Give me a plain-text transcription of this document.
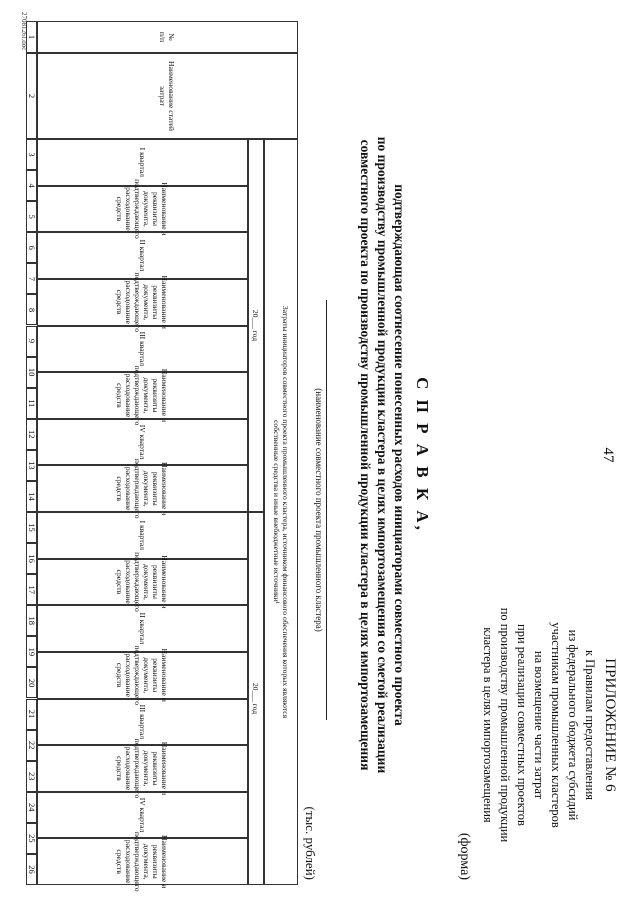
47
ПРИЛОЖЕНИЕ № 6
к Правилам предоставления
из федерального бюджета субсидий
участникам промышленных кластеров
на возмещение части затрат
при реализации совместных проектов
по производству промышленной продукции
кластера в целях импортозамещения
(форма)
С П Р А В К А,
подтверждающая соотнесение понесенных расходов инициаторами совместного проекта
по производству промышленной продукции кластера в целях импортозамещения со сметой реализации
совместного проекта по производству промышленной продукции кластера в целях импортозамещения
(наименование совместного проекта промышленного кластера)
(тыс. рублей)
№
п/п
Наименование статей
затрат
Затраты инициаторов совместного проекта промышленного кластера, источником финансового обеспечения которых являются
собственные средства и иные внебюджетные источники¹
20___ год
I квартал
Наименование и реквизиты документа, подтверждающего расходование средств
II квартал
Наименование и реквизиты документа, подтверждающего расходование средств
III квартал
Наименование и реквизиты документа, подтверждающего расходование средств
IV квартал
Наименование и реквизиты документа, подтверждающего расходование средств
20___ год
I квартал
Наименование и реквизиты документа, подтверждающего расходование средств
II квартал
Наименование и реквизиты документа, подтверждающего расходование средств
III квартал
Наименование и реквизиты документа, подтверждающего расходование средств
IV квартал
Наименование и реквизиты документа, подтверждающего расходование средств
1
2
3
4
5
6
7
8
9
10
11
12
13
14
15
16
17
18
19
20
21
22
23
24
25
26
2708126l.doc
